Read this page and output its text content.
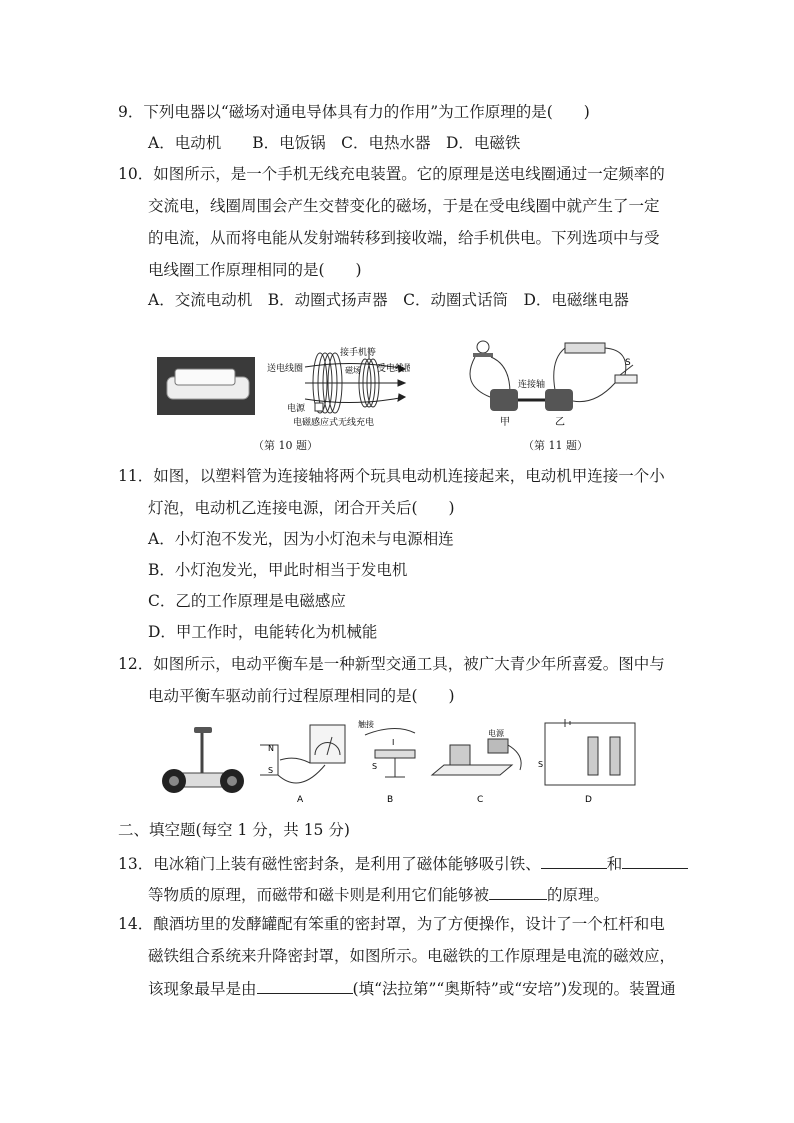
9．下列电器以“磁场对通电导体具有力的作用”为工作原理的是(　　)
A．电动机　　B．电饭锅　C．电热水器　D．电磁铁
10．如图所示，是一个手机无线充电装置。它的原理是送电线圈通过一定频率的
交流电，线圈周围会产生交替变化的磁场，于是在受电线圈中就产生了一定
的电流，从而将电能从发射端转移到接收端，给手机供电。下列选项中与受
电线圈工作原理相同的是(　　)
A．交流电动机　B．动圈式扬声器　C．动圈式话筒　D．电磁继电器
接手机等
送电线圈	磁场 受电线圈
电源
电磁感应式无线充电
（第 10 题）
连接轴
甲	乙
S
（第 11 题）
11．如图，以塑料管为连接轴将两个玩具电动机连接起来，电动机甲连接一个小
灯泡，电动机乙连接电源，闭合开关后(　　)
A．小灯泡不发光，因为小灯泡未与电源相连
B．小灯泡发光，甲此时相当于发电机
C．乙的工作原理是电磁感应
D．甲工作时，电能转化为机械能
12．如图所示，电动平衡车是一种新型交通工具，被广大青少年所喜爱。图中与
电动平衡车驱动前行过程原理相同的是(　　)
N
S
A
触接
I
S
B
电源
C
S
D
二、填空题(每空 1 分，共 15 分)
13．电冰箱门上装有磁性密封条，是利用了磁体能够吸引铁、	和
等物质的原理，而磁带和磁卡则是利用它们能够被	的原理。
14．酿酒坊里的发酵罐配有笨重的密封罩，为了方便操作，设计了一个杠杆和电
磁铁组合系统来升降密封罩，如图所示。电磁铁的工作原理是电流的磁效应，
该现象最早是由	(填“法拉第”“奥斯特”或“安培”)发现的。装置通
